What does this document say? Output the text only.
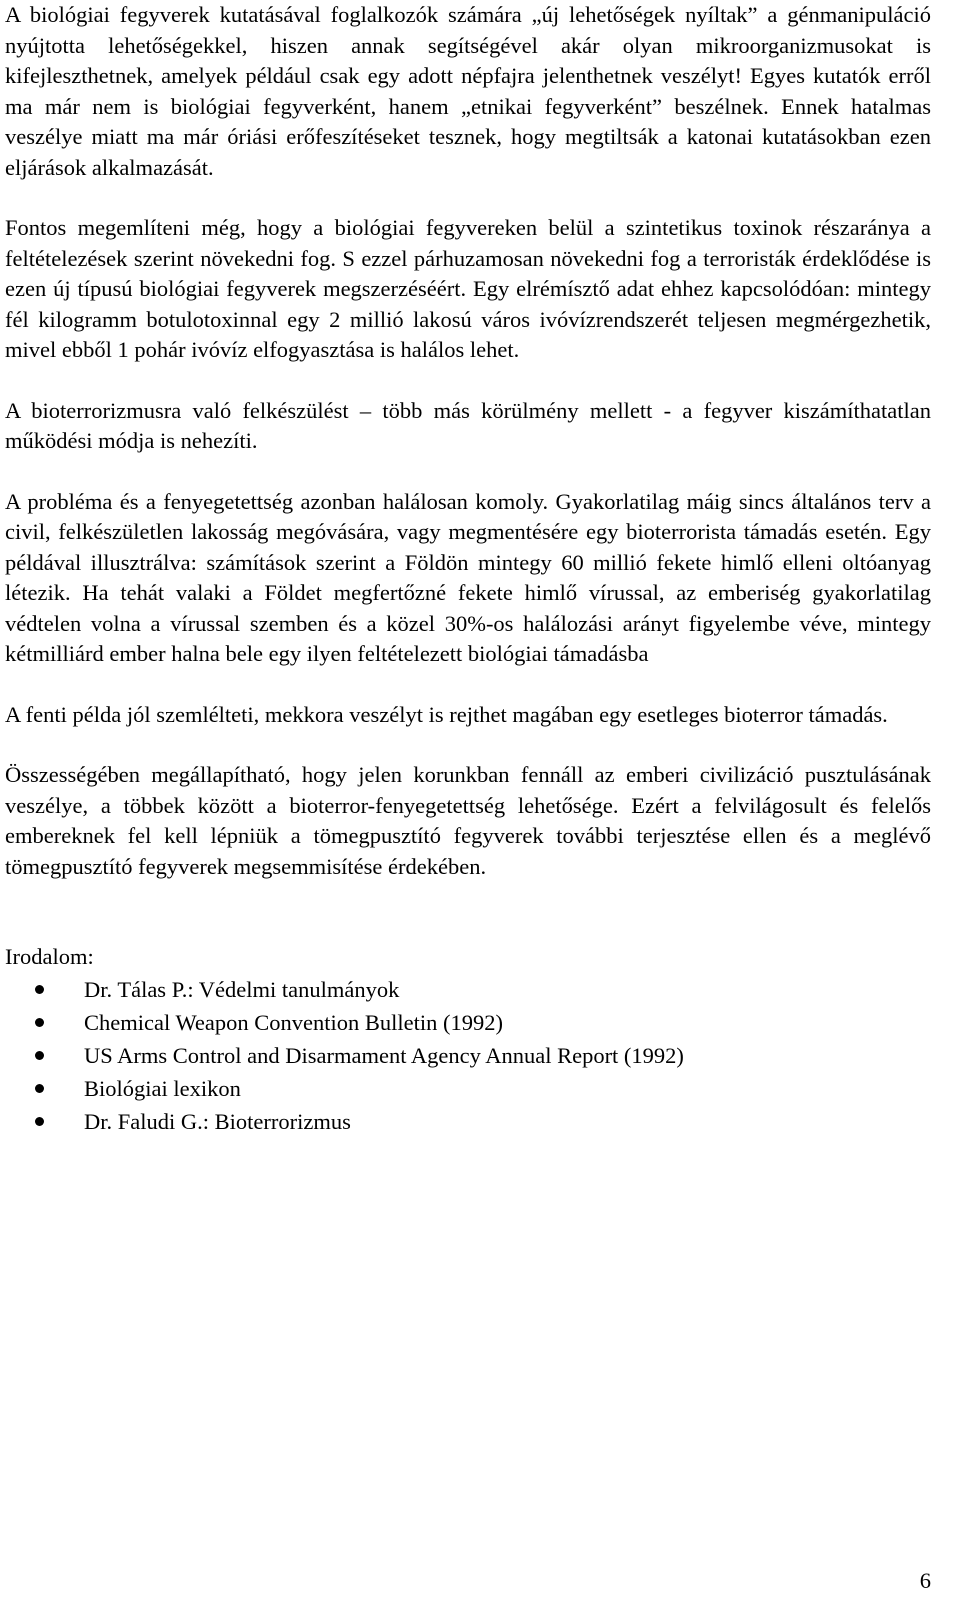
A biológiai fegyverek kutatásával foglalkozók számára „új lehetőségek nyíltak” a génmanipuláció nyújtotta lehetőségekkel, hiszen annak segítségével akár olyan mikroorganizmusokat is kifejleszthetnek, amelyek például csak egy adott népfajra jelenthetnek veszélyt! Egyes kutatók erről ma már nem is biológiai fegyverként, hanem „etnikai fegyverként” beszélnek. Ennek hatalmas veszélye miatt ma már óriási erőfeszítéseket tesznek, hogy megtiltsák a katonai kutatásokban ezen eljárások alkalmazását.

Fontos megemlíteni még, hogy a biológiai fegyvereken belül a szintetikus toxinok részaránya a feltételezések szerint növekedni fog. S ezzel párhuzamosan növekedni fog a terroristák érdeklődése is ezen új típusú biológiai fegyverek megszerzéséért. Egy elrémísztő adat ehhez kapcsolódóan: mintegy fél kilogramm botulotoxinnal egy 2 millió lakosú város ivóvízrendszerét teljesen megmérgezhetik, mivel ebből 1 pohár ivóvíz elfogyasztása is halálos lehet.

A bioterrorizmusra való felkészülést – több más körülmény mellett - a fegyver kiszámíthatatlan működési módja is nehezíti.

A probléma és a fenyegetettség azonban halálosan komoly. Gyakorlatilag máig sincs általános terv a civil, felkészületlen lakosság megóvására, vagy megmentésére egy bioterrorista támadás esetén. Egy példával illusztrálva: számítások szerint a Földön mintegy 60 millió fekete himlő elleni oltóanyag létezik. Ha tehát valaki a Földet megfertőzné fekete himlő vírussal, az emberiség gyakorlatilag védtelen volna a vírussal szemben és a közel 30%-os halálozási arányt figyelembe véve, mintegy kétmilliárd ember halna bele egy ilyen feltételezett biológiai támadásba

A fenti példa jól szemlélteti, mekkora veszélyt is rejthet magában egy esetleges bioterror támadás.

Összességében megállapítható, hogy jelen korunkban fennáll az emberi civilizáció pusztulásának veszélye, a többek között a bioterror-fenyegetettség lehetősége. Ezért a felvilágosult és felelős embereknek fel kell lépniük a tömegpusztító fegyverek további terjesztése ellen és a meglévő tömegpusztító fegyverek megsemmisítése érdekében.

Irodalom:

Dr. Tálas P.: Védelmi tanulmányok
Chemical Weapon Convention Bulletin (1992)
US Arms Control and Disarmament Agency Annual Report (1992)
Biológiai lexikon
Dr. Faludi G.: Bioterrorizmus
6
